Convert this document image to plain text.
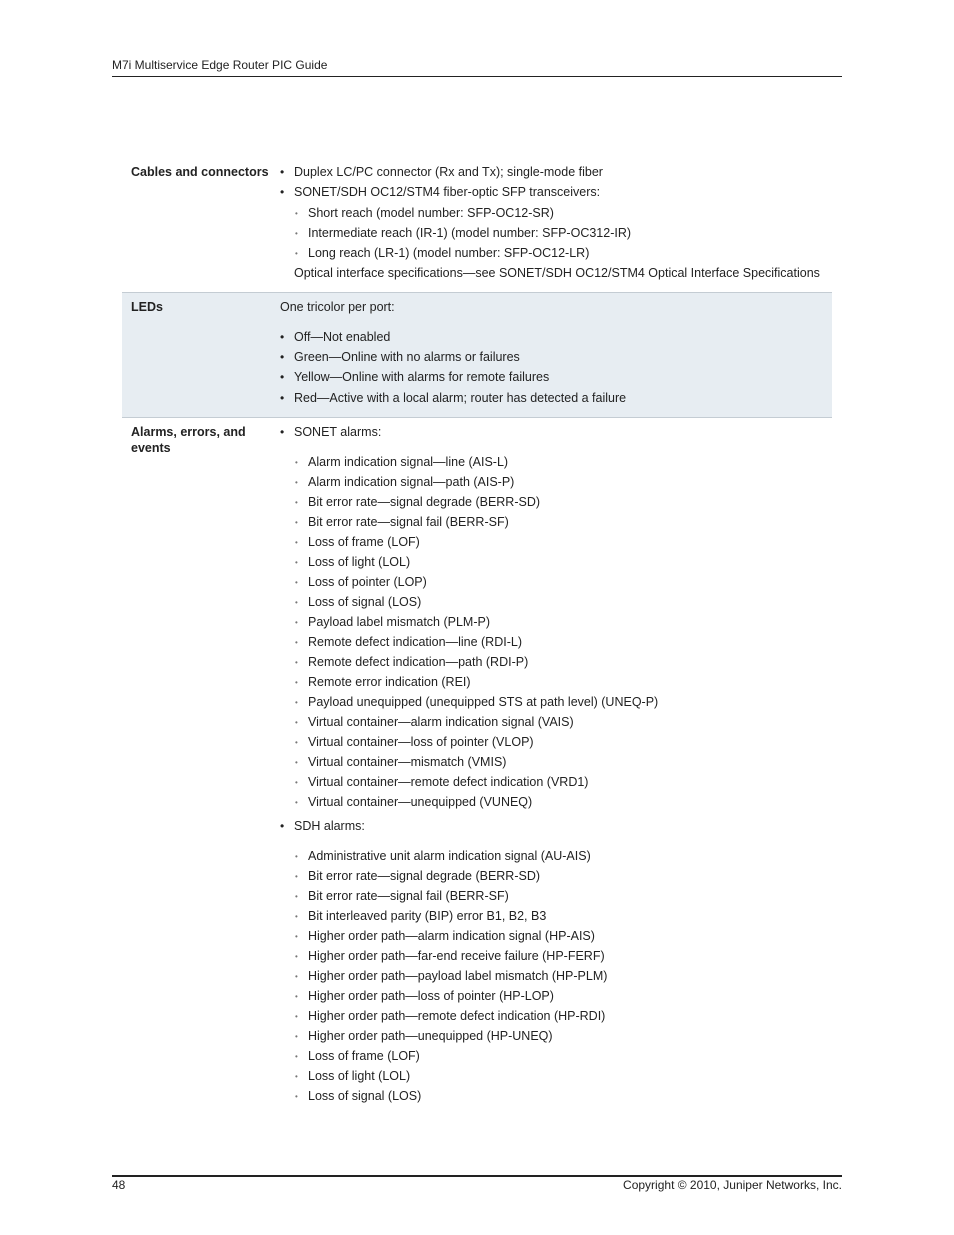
M7i Multiservice Edge Router PIC Guide
Cables and connectors
• Duplex LC/PC connector (Rx and Tx); single-mode fiber
• SONET/SDH OC12/STM4 fiber-optic SFP transceivers:
• Short reach (model number: SFP-OC12-SR)
• Intermediate reach (IR-1) (model number: SFP-OC312-IR)
• Long reach (LR-1) (model number: SFP-OC12-LR)
Optical interface specifications—see SONET/SDH OC12/STM4 Optical Interface Specifications
LEDs	One tricolor per port:
• Off—Not enabled
• Green—Online with no alarms or failures
• Yellow—Online with alarms for remote failures
• Red—Active with a local alarm; router has detected a failure
Alarms, errors, and
events
• SONET alarms:
• Alarm indication signal—line (AIS-L)
• Alarm indication signal—path (AIS-P)
• Bit error rate—signal degrade (BERR-SD)
• Bit error rate—signal fail (BERR-SF)
• Loss of frame (LOF)
• Loss of light (LOL)
• Loss of pointer (LOP)
• Loss of signal (LOS)
• Payload label mismatch (PLM-P)
• Remote defect indication—line (RDI-L)
• Remote defect indication—path (RDI-P)
• Remote error indication (REI)
• Payload unequipped (unequipped STS at path level) (UNEQ-P)
• Virtual container—alarm indication signal (VAIS)
• Virtual container—loss of pointer (VLOP)
• Virtual container—mismatch (VMIS)
• Virtual container—remote defect indication (VRD1)
• Virtual container—unequipped (VUNEQ)
• SDH alarms:
• Administrative unit alarm indication signal (AU-AIS)
• Bit error rate—signal degrade (BERR-SD)
• Bit error rate—signal fail (BERR-SF)
• Bit interleaved parity (BIP) error B1, B2, B3
• Higher order path—alarm indication signal (HP-AIS)
• Higher order path—far-end receive failure (HP-FERF)
• Higher order path—payload label mismatch (HP-PLM)
• Higher order path—loss of pointer (HP-LOP)
• Higher order path—remote defect indication (HP-RDI)
• Higher order path—unequipped (HP-UNEQ)
• Loss of frame (LOF)
• Loss of light (LOL)
• Loss of signal (LOS)
48	Copyright © 2010, Juniper Networks, Inc.
